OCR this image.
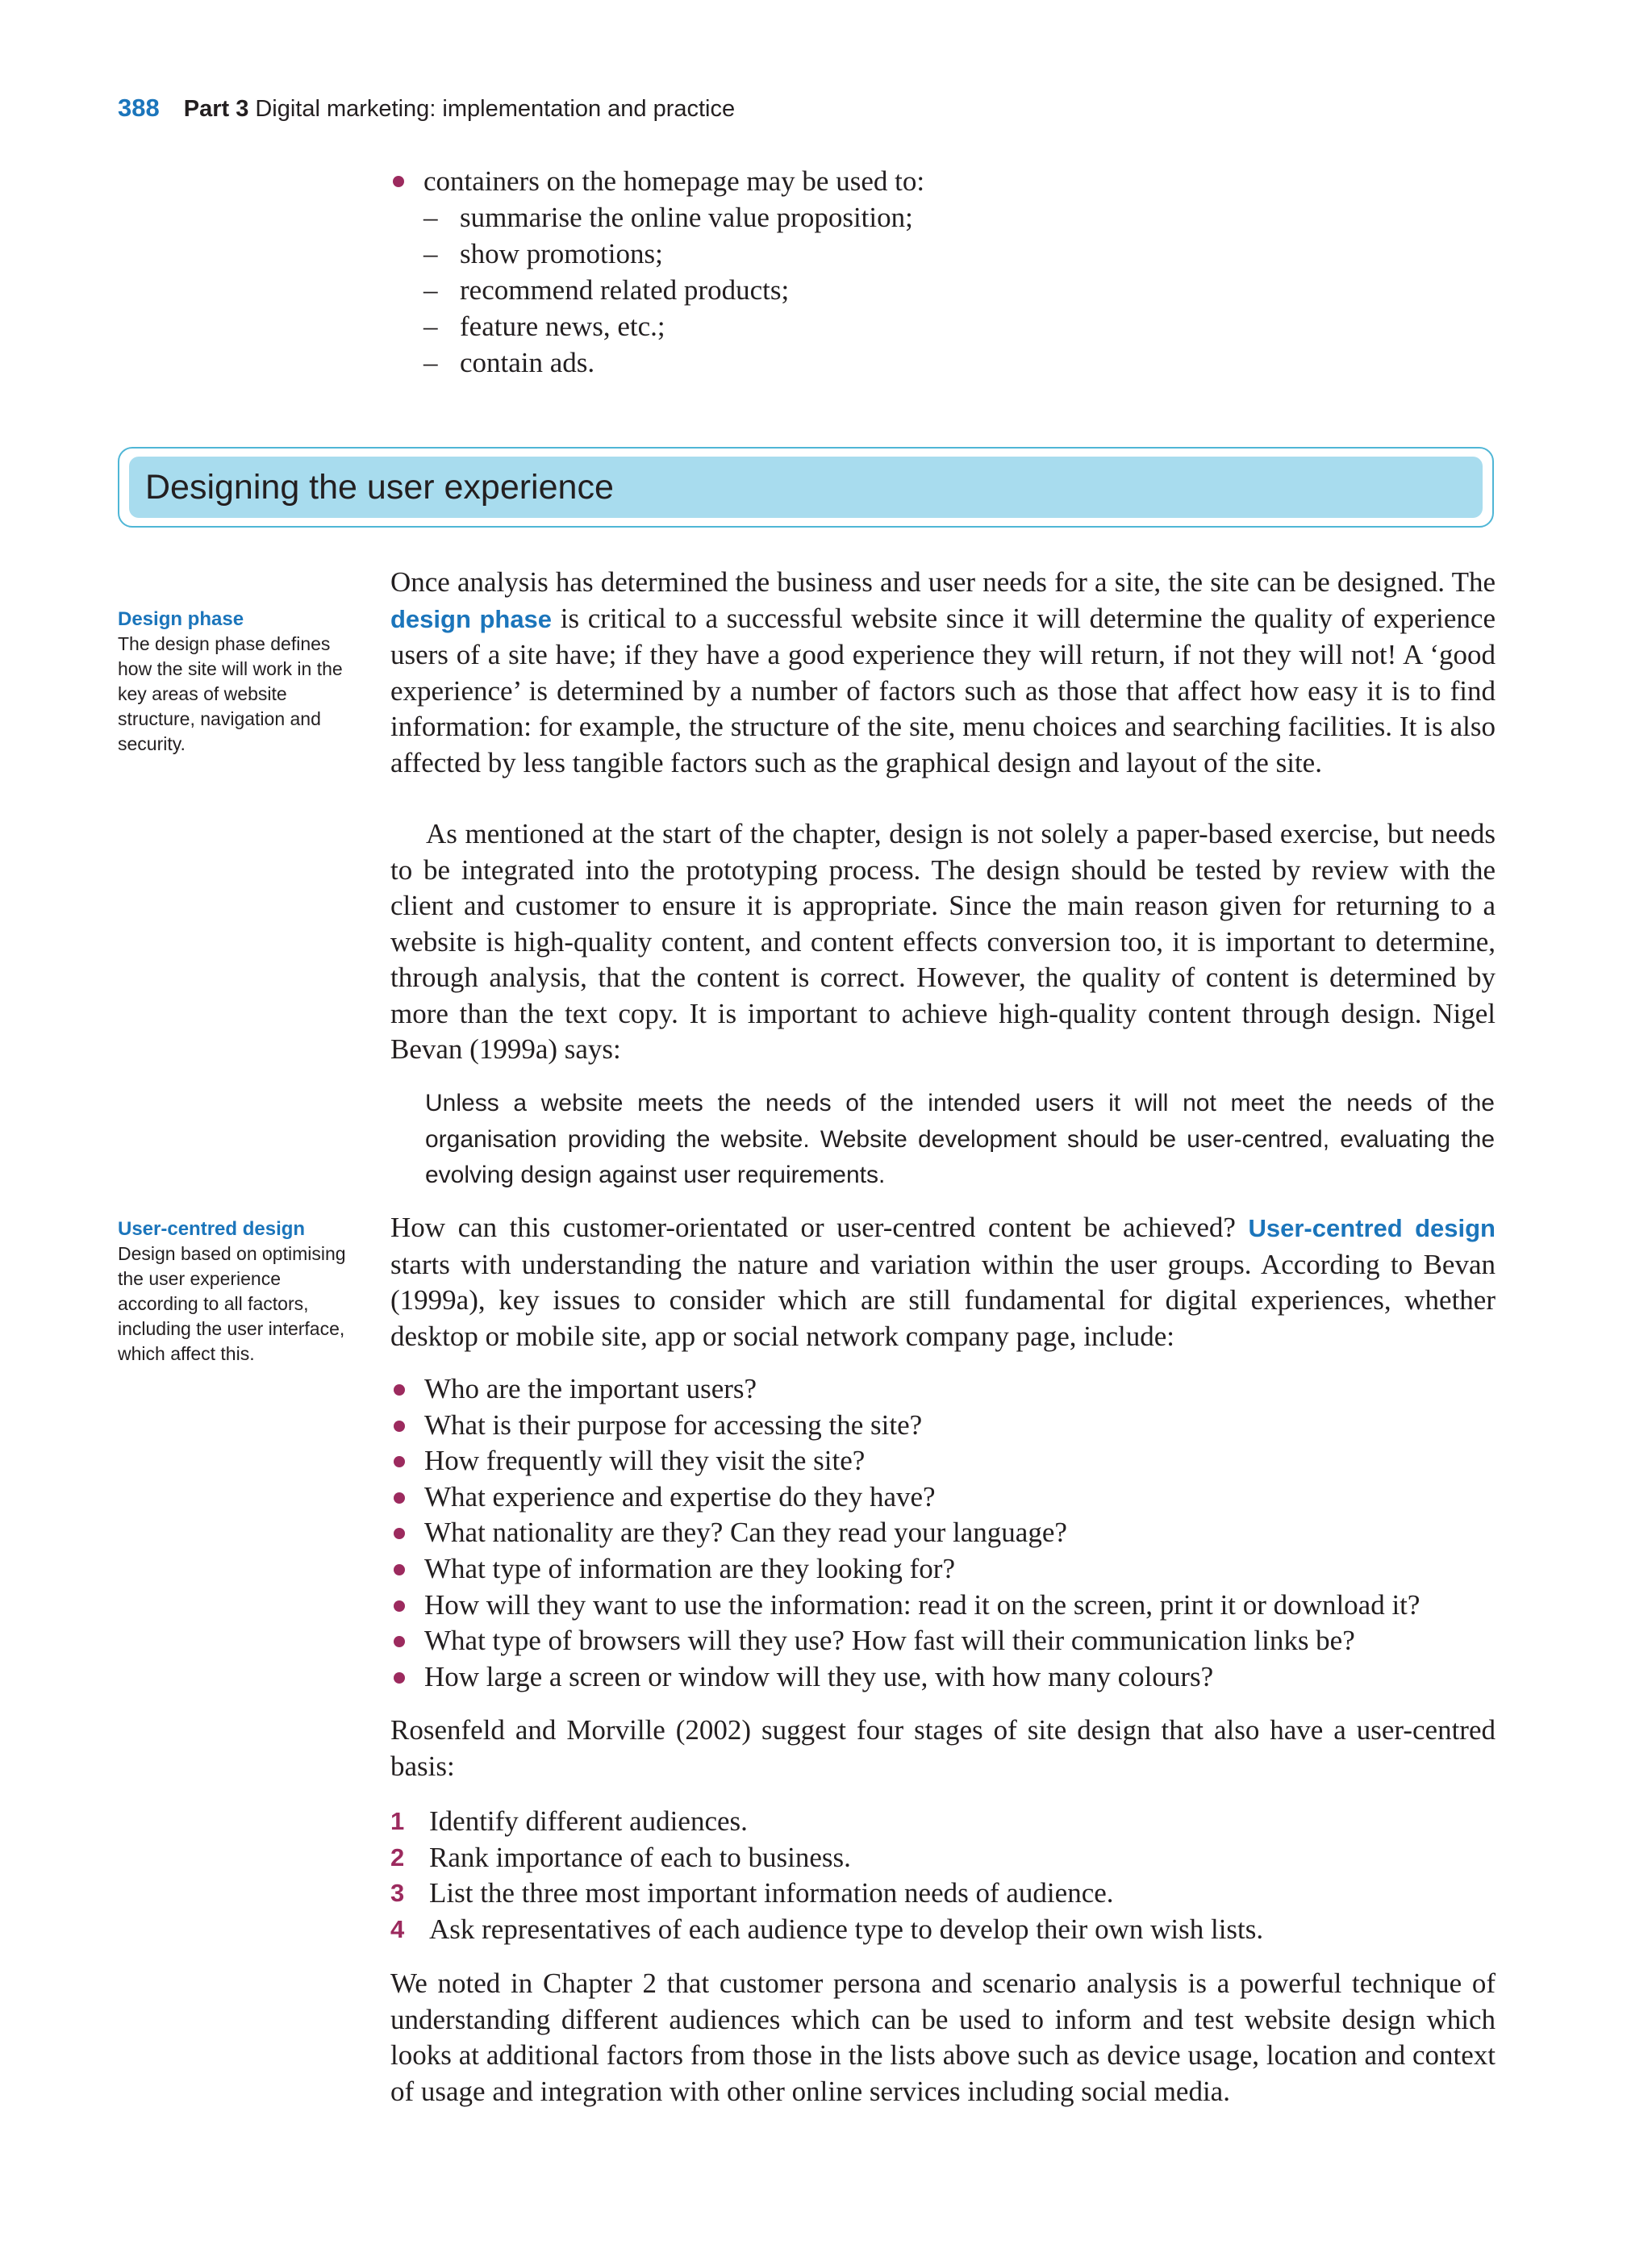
388 Part 3 Digital marketing: implementation and practice
containers on the homepage may be used to:
– summarise the online value proposition;
– show promotions;
– recommend related products;
– feature news, etc.;
– contain ads.
Designing the user experience
Design phase
The design phase defines how the site will work in the key areas of website structure, navigation and security.
User-centred design
Design based on optimising the user experience according to all factors, including the user interface, which affect this.

Once analysis has determined the business and user needs for a site, the site can be designed. The design phase is critical to a successful website since it will determine the quality of experience users of a site have; if they have a good experience they will return, if not they will not! A ‘good experience’ is determined by a number of factors such as those that affect how easy it is to find information: for example, the structure of the site, menu choices and searching facilities. It is also affected by less tangible factors such as the graphical design and layout of the site.

As mentioned at the start of the chapter, design is not solely a paper-based exercise, but needs to be integrated into the prototyping process. The design should be tested by review with the client and customer to ensure it is appropriate. Since the main reason given for returning to a website is high-quality content, and content effects conversion too, it is important to determine, through analysis, that the content is correct. However, the quality of content is determined by more than the text copy. It is important to achieve high-quality content through design. Nigel Bevan (1999a) says:

Unless a website meets the needs of the intended users it will not meet the needs of the organisation providing the website. Website development should be user-centred, evaluating the evolving design against user requirements.

How can this customer-orientated or user-centred content be achieved? User-centred design starts with understanding the nature and variation within the user groups. According to Bevan (1999a), key issues to consider which are still fundamental for digital experiences, whether desktop or mobile site, app or social network company page, include:

Who are the important users?
What is their purpose for accessing the site?
How frequently will they visit the site?
What experience and expertise do they have?
What nationality are they? Can they read your language?
What type of information are they looking for?
How will they want to use the information: read it on the screen, print it or download it?
What type of browsers will they use? How fast will their communication links be?
How large a screen or window will they use, with how many colours?

Rosenfeld and Morville (2002) suggest four stages of site design that also have a user-centred basis:

1 Identify different audiences.
2 Rank importance of each to business.
3 List the three most important information needs of audience.
4 Ask representatives of each audience type to develop their own wish lists.

We noted in Chapter 2 that customer persona and scenario analysis is a powerful technique of understanding different audiences which can be used to inform and test website design which looks at additional factors from those in the lists above such as device usage, location and context of usage and integration with other online services including social media.
